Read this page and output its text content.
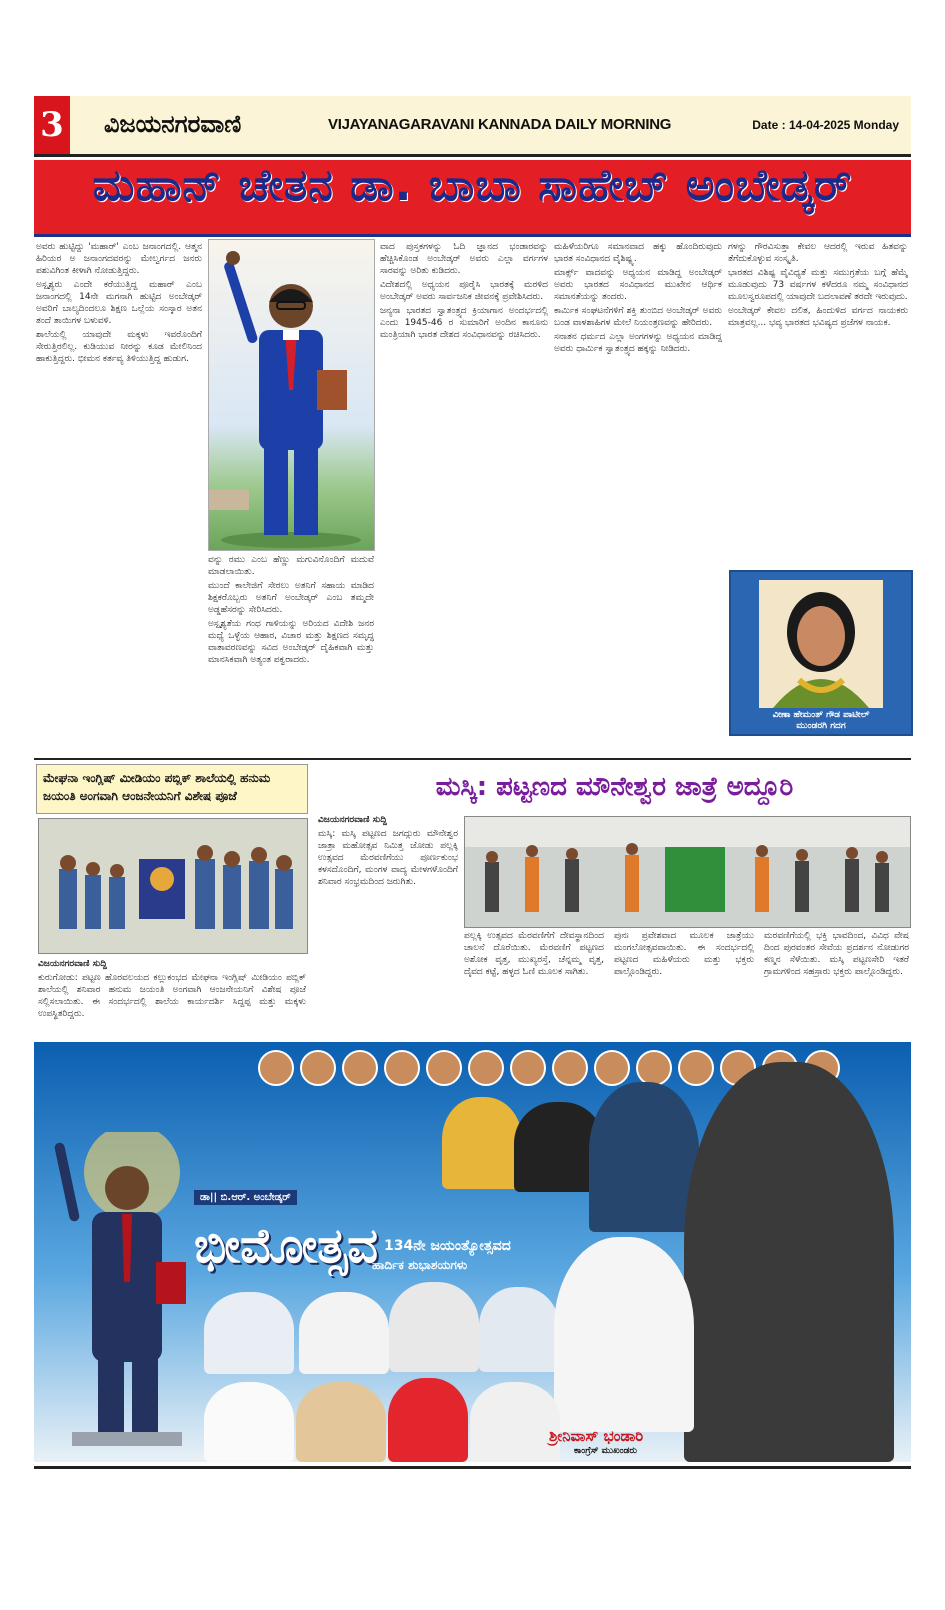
3 ವಿಜಯನಗರವಾಣಿ	VIJAYANAGARAVANI KANNADA DAILY MORNING	Date : 14-04-2025 Monday
ಮಹಾನ್ ಚೇತನ ಡಾ. ಬಾಬಾ ಸಾಹೇಬ್ ಅಂಬೇಡ್ಕರ್

ಅವರು ಹುಟ್ಟಿದ್ದು 'ಮಹಾರ್' ಎಂಬ ಜನಾಂಗದಲ್ಲಿ. ಆತ್ಮನ ಹಿರಿಯರ ಅ ಜನಾಂಗದವರನ್ನು ಮೇಲ್ವರ್ಗದ ಜನರು ಪಶುವಿಗಿಂತ ಕೀಳಾಗಿ ನೋಡುತ್ತಿದ್ದರು.

ಅಸ್ಪೃಶ್ಯರು ಎಂದೇ ಕರೆಯುತ್ತಿದ್ದ ಮಹಾರ್ ಎಂಬ ಜನಾಂಗದಲ್ಲಿ 14ನೇ ಮಗನಾಗಿ ಹುಟ್ಟಿದ ಅಂಬೇಡ್ಕರ್ ಅವರಿಗೆ ಬಾಲ್ಯದಿಂದಲೂ ಶಿಕ್ಷಣ ಒಲ್ಲೆಯ ಸಂಸ್ಕಾರ ಅತನ ತಂದೆ ತಾಯಿಗಳ ಬಳುವಳಿ.

ಶಾಲೆಯಲ್ಲಿ ಯಾವುದೇ ಮಕ್ಕಳು ಇವರೊಂದಿಗೆ ಸೇರುತ್ತಿರಲಿಲ್ಲ. ಕುಡಿಯುವ ನೀರನ್ನು ಕೂಡ ಮೇಲಿನಿಂದ ಹಾಕುತ್ತಿದ್ದರು. ಭೀಮನ ಕರ್ತವ್ಯ ತಿಳಿಯುತ್ತಿದ್ದ ಹುಡುಗ.

ವನ್ನು ರಮು ಎಂಬ ಹೆಣ್ಣು ಮಗುವಿನೊಂದಿಗೆ ಮದುವೆ ಮಾಡಲಾಯಿತು.

ಮುಂದೆ ಕಾಲೇಜಿಗೆ ಸೇರಲು ಅತನಿಗೆ ಸಹಾಯ ಮಾಡಿದ ಶಿಕ್ಷಕರೊಬ್ಬರು ಅತನಿಗೆ ಅಂಬೇಡ್ಕರ್ ಎಂಬ ತಮ್ಮದೇ ಅಡ್ಡಹೆಸರನ್ನು ಸೇರಿಸಿದರು.

ಅಸ್ಪೃಶ್ಯತೆಯ ಗಂಧ ಗಾಳಿಯನ್ನು ಅರಿಯದ ವಿದೇಶಿ ಜನರ ಮಧ್ಯೆ ಒಳ್ಳೆಯ ಆಹಾರ, ವಿಚಾರ ಮತ್ತು ಶಿಕ್ಷಣದ ಸಮೃದ್ಧ ವಾತಾವರಣವನ್ನು ಸವಿದ ಅಂಬೇಡ್ಕರ್ ದೈಹಿಕವಾಗಿ ಮತ್ತು ಮಾನಸಿಕವಾಗಿ ಅತ್ಯಂತ ಪಕ್ವರಾದರು.

ವಾದ ಪುಸ್ತಕಗಳನ್ನು ಓದಿ ಜ್ಞಾನದ ಭಂಡಾರವನ್ನು ಹೆಚ್ಚಿಸಿಕೊಂಡ ಅಂಬೇಡ್ಕರ್ ಅವರು ಎಲ್ಲಾ ವರ್ಗಗಳ ಸಾರವನ್ನು ಅರಿತು ಕುಡಿದರು.

ವಿದೇಶದಲ್ಲಿ ಅಧ್ಯಯನ ಪೂರೈಸಿ ಭಾರತಕ್ಕೆ ಮರಳಿದ ಅಂಬೇಡ್ಕರ್ ಅವರು ಸಾರ್ವಜನಿಕ ಜೀವನಕ್ಕೆ ಪ್ರವೇಶಿಸಿದರು.

ಜನ್ಯನಾ ಭಾರತದ ಸ್ವಾತಂತ್ರ್ಯದ ಕ್ರಿಯಾಗಾನ ಅಂದರ್ಭದಲ್ಲಿ ಎಂದು 1945-46 ರ ಸುಮಾರಿಗೆ ಅಂದಿನ ಕಾನೂನು ಮಂತ್ರಿಯಾಗಿ ಭಾರತ ದೇಶದ ಸಂವಿಧಾನವನ್ನು ರಚಿಸಿದರು.

ಮಹಿಳೆಯರಿಗೂ ಸಮಾನವಾದ ಹಕ್ಕು ಹೊಂದಿರುವುದು ಭಾರತ ಸಂವಿಧಾನದ ವೈಶಿಷ್ಟ್ಯ.

ಮಾರ್ಕ್ಸ್ ವಾದವನ್ನು ಅಧ್ಯಯನ ಮಾಡಿದ್ದ ಅಂಬೇಡ್ಕರ್ ಅವರು ಭಾರತದ ಸಂವಿಧಾನದ ಮುಖೇನ ಆರ್ಥಿಕ ಸಮಾನತೆಯನ್ನು ತಂದರು.

ಕಾರ್ಮಿಕ ಸಂಘಟನೆಗಳಿಗೆ ಶಕ್ತಿ ತುಂಬಿದ ಅಂಬೇಡ್ಕರ್ ಅವರು ಬಂಡ ವಾಳಶಾಹಿಗಳ ಮೇಲೆ ನಿಯಂತ್ರಣವನ್ನು ಹೇರಿದರು.

ಸನಾತನ ಧರ್ಮದ ಎಲ್ಲಾ ಅಂಗಗಳನ್ನು ಅಧ್ಯಯನ ಮಾಡಿದ್ದ ಅವರು ಧಾರ್ಮಿಕ ಸ್ವಾತಂತ್ರ್ಯದ ಹಕ್ಕನ್ನು ನೀಡಿದರು.

ಗಳನ್ನು ಗೌರವಿಸುತ್ತಾ ಕೇವಲ ಆದರಲ್ಲಿ ಇರುವ ಹಿತವನ್ನು ತೆಗೆದುಕೊಳ್ಳುವ ಸಂಸ್ಕೃತಿ.

ಭಾರತದ ವಿಶಿಷ್ಟ ವೈವಿಧ್ಯತೆ ಮತ್ತು ಸಮುಗ್ರತೆಯ ಬಗ್ಗೆ ಹೆಮ್ಮೆ ಮೂಡುವುದು 73 ವರ್ಷಗಳ ಕಳೆದರೂ ನಮ್ಮ ಸಂವಿಧಾನದ ಮೂಲಸ್ವರೂಪದಲ್ಲಿ ಯಾವುದೇ ಬದಲಾವಣೆ ತರದೇ ಇರುವುದು.

ಅಂಬೇಡ್ಕರ್ ಕೇವಲ ದಲಿತ, ಹಿಂದುಳಿದ ವರ್ಗದ ನಾಯಕರು ಮಾತ್ರವಲ್ಲ... ಭವ್ಯ ಭಾರತದ ಭವಿಷ್ಯದ ಪ್ರಜೆಗಳ ನಾಯಕ.

ವೀಣಾ ಹೇಮಂತ್ ಗೌಡ ಪಾಟೀಲ್
ಮುಂಡರಗಿ ಗದಗ
ಮೇಘನಾ ಇಂಗ್ಲಿಷ್ ಮೀಡಿಯಂ ಪಬ್ಲಿಕ್ ಶಾಲೆಯಲ್ಲಿ ಹನುಮ ಜಯಂತಿ ಅಂಗವಾಗಿ ಆಂಜನೇಯನಿಗೆ ವಿಶೇಷ ಪೂಜೆ

ವಿಜಯನಗರವಾಣಿ ಸುದ್ದಿ

ಕುರುಗೋಡು: ಪಟ್ಟಣ ಹೊರವಲಯದ ಕಲ್ಲುಕಂಭದ ಮೇಘನಾ ಇಂಗ್ಲಿಷ್ ಮೀಡಿಯಂ ಪಬ್ಲಿಕ್ ಶಾಲೆಯಲ್ಲಿ ಶನಿವಾರ ಹನುಮ ಜಯಂತಿ ಅಂಗವಾಗಿ ಆಂಜನೇಯನಿಗೆ ವಿಶೇಷ ಪೂಜೆ ಸಲ್ಲಿಸಲಾಯಿತು. ಈ ಸಂದರ್ಭದಲ್ಲಿ ಶಾಲೆಯ ಕಾರ್ಯದರ್ಶಿ ಸಿದ್ದಪ್ಪ ಮತ್ತು ಮಕ್ಕಳು ಉಪಸ್ಥಿತರಿದ್ದರು.

ಮಸ್ಕಿ: ಪಟ್ಟಣದ ಮೌನೇಶ್ವರ ಜಾತ್ರೆ ಅದ್ದೂರಿ

ವಿಜಯನಗರವಾಣಿ ಸುದ್ದಿ

ಮಸ್ಕಿ: ಮಸ್ಕಿ ಪಟ್ಟಣದ ಜಗದ್ಗುರು ಮೌನೇಶ್ವರ ಜಾತ್ರಾ ಮಹೋತ್ಸವ ನಿಮಿತ್ತ ಜೋಡು ಪಲ್ಲಕ್ಕಿ ಉತ್ಸವದ ಮೆರವಣಿಗೆಯು ಪೂರ್ಣಕುಂಭ ಕಳಸದೊಂದಿಗೆ, ಮಂಗಳ ವಾದ್ಯ ಮೇಳಗಳೊಂದಿಗೆ ಶನಿವಾರ ಸಂಭ್ರಮದಿಂದ ಜರುಗಿತು.

ಪಲ್ಲಕ್ಕಿ ಉತ್ಸವದ ಮೆರವಣಿಗೆಗೆ ದೇವಸ್ಥಾನದಿಂದ ಚಾಲನೆ ದೊರೆಯಿತು. ಮೆರವಣಿಗೆ ಪಟ್ಟಣದ ಅಶೋಕ ವೃತ್ತ, ಮುಖ್ಯರಸ್ತೆ, ಚೆನ್ನಮ್ಮ ವೃತ್ತ, ದೈವದ ಕಟ್ಟೆ, ಹಳ್ಳದ ಓಣಿ ಮೂಲಕ ಸಾಗಿತು.

ಪುನಃ ಪ್ರವೇಶವಾದ ಮೂಲಕ ಜಾತ್ರೆಯು ಮಂಗಲೋತ್ಸವವಾಯಿತು. ಈ ಸಂದರ್ಭದಲ್ಲಿ ಪಟ್ಟಣದ ಮಹಿಳೆಯರು ಮತ್ತು ಭಕ್ತರು ಪಾಲ್ಗೊಂಡಿದ್ದರು.

ಮರವಣಿಗೆಯಲ್ಲಿ ಭಕ್ತಿ ಭಾವದಿಂದ, ವಿವಿಧ ವೇಷ ದಿಂದ ಪುರವಂತರ ಸೇವೆಯ ಪ್ರದರ್ಶನ ನೋಡುಗರ ಕಣ್ಮನ ಸೆಳೆಯಿತು. ಮಸ್ಕಿ ಪಟ್ಟಣಸೇರಿ ಇತರೆ ಗ್ರಾಮಗಳಿಂದ ಸಹಸ್ರಾರು ಭಕ್ತರು ಪಾಲ್ಗೊಂಡಿದ್ದರು.

ಡಾ|| ಬಿ.ಆರ್. ಅಂಬೇಡ್ಕರ್
ಭೀಮೋತ್ಸವ 134ನೇ ಜಯಂತ್ಯೋತ್ಸವದ
ಹಾರ್ದಿಕ ಶುಭಾಶಯಗಳು
ಶ್ರೀನಿವಾಸ್ ಭಂಡಾರಿ
ಕಾಂಗ್ರೆಸ್ ಮುಖಂಡರು
